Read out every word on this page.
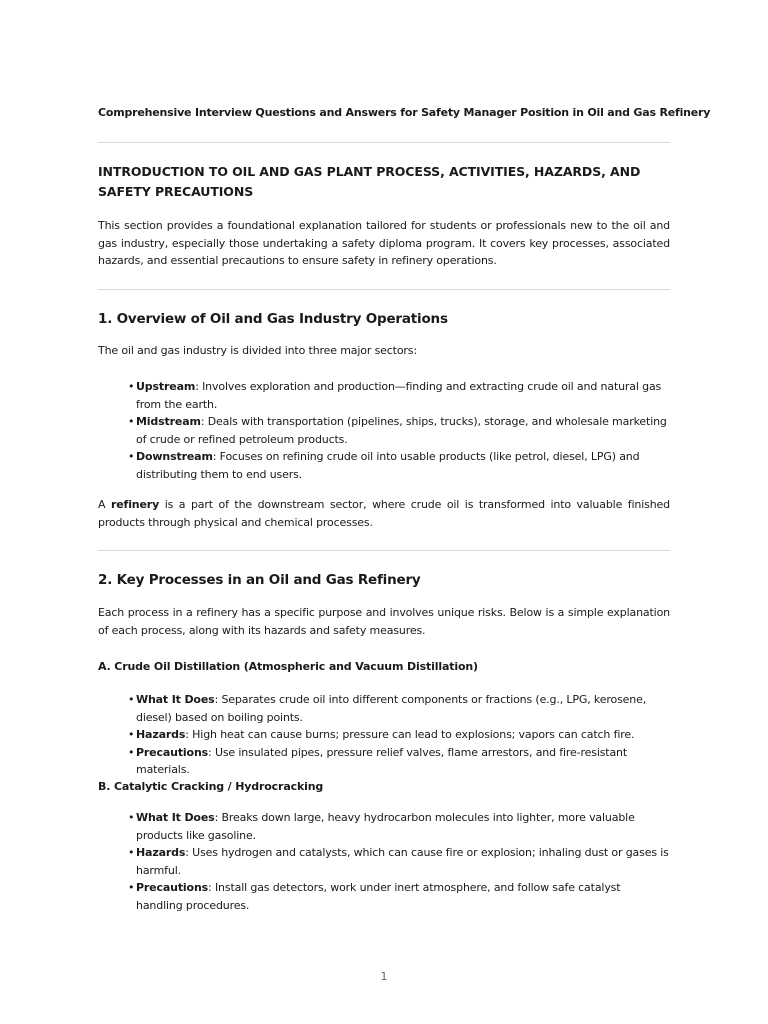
Comprehensive Interview Questions and Answers for Safety Manager Position in Oil and Gas Refinery
INTRODUCTION TO OIL AND GAS PLANT PROCESS, ACTIVITIES, HAZARDS, AND SAFETY PRECAUTIONS
This section provides a foundational explanation tailored for students or professionals new to the oil and gas industry, especially those undertaking a safety diploma program. It covers key processes, associated hazards, and essential precautions to ensure safety in refinery operations.
1. Overview of Oil and Gas Industry Operations
The oil and gas industry is divided into three major sectors:
• Upstream: Involves exploration and production—finding and extracting crude oil and natural gas from the earth.
• Midstream: Deals with transportation (pipelines, ships, trucks), storage, and wholesale marketing of crude or refined petroleum products.
• Downstream: Focuses on refining crude oil into usable products (like petrol, diesel, LPG) and distributing them to end users.
A refinery is a part of the downstream sector, where crude oil is transformed into valuable finished products through physical and chemical processes.
2. Key Processes in an Oil and Gas Refinery
Each process in a refinery has a specific purpose and involves unique risks. Below is a simple explanation of each process, along with its hazards and safety measures.
A. Crude Oil Distillation (Atmospheric and Vacuum Distillation)
• What It Does: Separates crude oil into different components or fractions (e.g., LPG, kerosene, diesel) based on boiling points.
• Hazards: High heat can cause burns; pressure can lead to explosions; vapors can catch fire.
• Precautions: Use insulated pipes, pressure relief valves, flame arrestors, and fire-resistant materials.
B. Catalytic Cracking / Hydrocracking
• What It Does: Breaks down large, heavy hydrocarbon molecules into lighter, more valuable products like gasoline.
• Hazards: Uses hydrogen and catalysts, which can cause fire or explosion; inhaling dust or gases is harmful.
• Precautions: Install gas detectors, work under inert atmosphere, and follow safe catalyst handling procedures.
1
